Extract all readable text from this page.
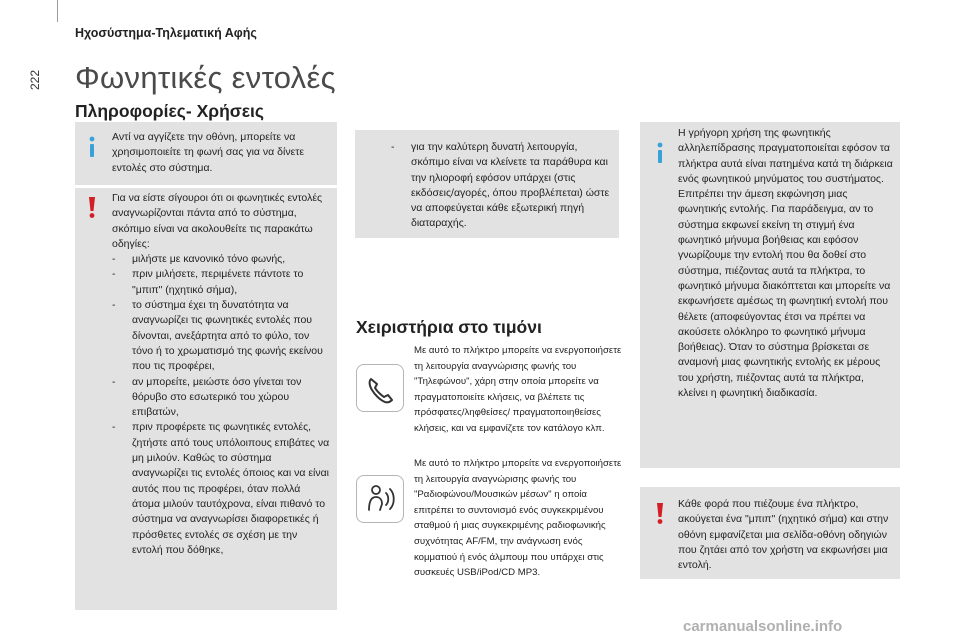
222
Ηχοσύστημα-Τηλεματική Αφής
Φωνητικές εντολές
Πληροφορίες- Χρήσεις
Αντί να αγγίζετε την οθόνη, μπορείτε να χρησιμοποιείτε τη φωνή σας για να δίνετε εντολές στο σύστημα.

Για να είστε σίγουροι ότι οι φωνητικές εντολές αναγνωρίζονται πάντα από το σύστημα, σκόπιμο είναι να ακολουθείτε τις παρακάτω οδηγίες:

-	μιλήστε με κανονικό τόνο φωνής,
-	πριν μιλήσετε, περιμένετε πάντοτε το "μπιπ" (ηχητικό σήμα),
-	το σύστημα έχει τη δυνατότητα να αναγνωρίζει τις φωνητικές εντολές που δίνονται, ανεξάρτητα από το φύλο, τον τόνο ή το χρωματισμό της φωνής εκείνου που τις προφέρει,
-	αν μπορείτε, μειώστε όσο γίνεται τον θόρυβο στο εσωτερικό του χώρου επιβατών,
-	πριν προφέρετε τις φωνητικές εντολές, ζητήστε από τους υπόλοιπους επιβάτες να μη μιλούν. Καθώς το σύστημα αναγνωρίζει τις εντολές όποιος και να είναι αυτός που τις προφέρει, όταν πολλά άτομα μιλούν ταυτόχρονα, είναι πιθανό το σύστημα να αναγνωρίσει διαφορετικές ή πρόσθετες εντολές σε σχέση με την εντολή που δόθηκε,
-	για την καλύτερη δυνατή λειτουργία, σκόπιμο είναι να κλείνετε τα παράθυρα και την ηλιοροφή εφόσον υπάρχει (στις εκδόσεις/αγορές, όπου προβλέπεται) ώστε να αποφεύγεται κάθε εξωτερική πηγή διαταραχής.
Χειριστήρια στο τιμόνι
Με αυτό το πλήκτρο μπορείτε να ενεργοποιήσετε τη λειτουργία αναγνώρισης φωνής του "Τηλεφώνου", χάρη στην οποία μπορείτε να πραγματοποιείτε κλήσεις, να βλέπετε τις πρόσφατες/ληφθείσες/ πραγματοποιηθείσες κλήσεις, και να εμφανίζετε τον κατάλογο κλπ.
Με αυτό το πλήκτρο μπορείτε να ενεργοποιήσετε τη λειτουργία αναγνώρισης φωνής του "Ραδιοφώνου/Μουσικών μέσων" η οποία επιτρέπει το συντονισμό ενός συγκεκριμένου σταθμού ή μιας συγκεκριμένης ραδιοφωνικής συχνότητας AF/FM, την ανάγνωση ενός κομματιού ή ενός άλμπουμ που υπάρχει στις συσκευές USB/iPod/CD MP3.
Η γρήγορη χρήση της φωνητικής αλληλεπίδρασης πραγματοποιείται εφόσον τα πλήκτρα αυτά είναι πατημένα κατά τη διάρκεια ενός φωνητικού μηνύματος του συστήματος. Επιτρέπει την άμεση εκφώνηση μιας φωνητικής εντολής. Για παράδειγμα, αν το σύστημα εκφωνεί εκείνη τη στιγμή ένα φωνητικό μήνυμα βοήθειας και εφόσον γνωρίζουμε την εντολή που θα δοθεί στο σύστημα, πιέζοντας αυτά τα πλήκτρα, το φωνητικό μήνυμα διακόπτεται και μπορείτε να εκφωνήσετε αμέσως τη φωνητική εντολή που θέλετε (αποφεύγοντας έτσι να πρέπει να ακούσετε ολόκληρο το φωνητικό μήνυμα βοήθειας). Όταν το σύστημα βρίσκεται σε αναμονή μιας φωνητικής εντολής εκ μέρους του χρήστη, πιέζοντας αυτά τα πλήκτρα, κλείνει η φωνητική διαδικασία.
Κάθε φορά που πιέζουμε ένα πλήκτρο, ακούγεται ένα "μπιπ" (ηχητικό σήμα) και στην οθόνη εμφανίζεται μια σελίδα-οθόνη οδηγιών που ζητάει από τον χρήστη να εκφωνήσει μια εντολή.
carmanualsonline.info
